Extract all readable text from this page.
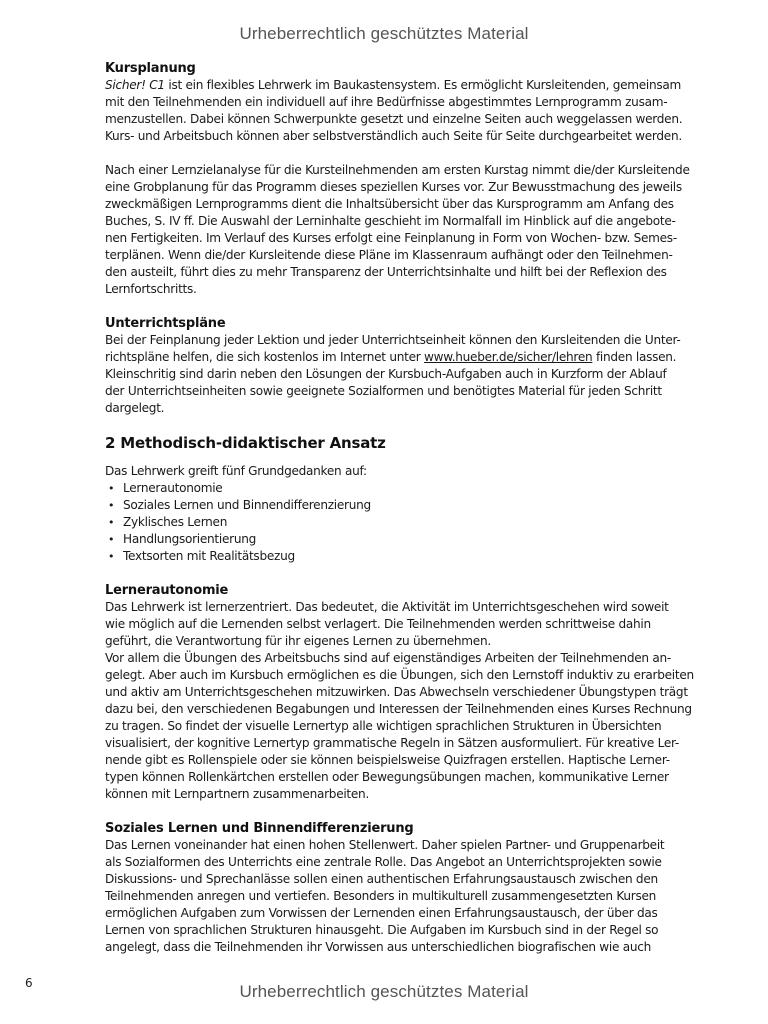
Urheberrechtlich geschütztes Material
Kursplanung

Sicher! C1 ist ein flexibles Lehrwerk im Baukastensystem. Es ermöglicht Kursleitenden, gemeinsam
mit den Teilnehmenden ein individuell auf ihre Bedürfnisse abgestimmtes Lernprogramm zusam-
menzustellen. Dabei können Schwerpunkte gesetzt und einzelne Seiten auch weggelassen werden.
Kurs- und Arbeitsbuch können aber selbstverständlich auch Seite für Seite durchgearbeitet werden.

Nach einer Lernzielanalyse für die Kursteilnehmenden am ersten Kurstag nimmt die/der Kursleitende
eine Grobplanung für das Programm dieses speziellen Kurses vor. Zur Bewusstmachung des jeweils
zweckmäßigen Lernprogramms dient die Inhaltsübersicht über das Kursprogramm am Anfang des
Buches, S. IV ff. Die Auswahl der Lerninhalte geschieht im Normalfall im Hinblick auf die angebote-
nen Fertigkeiten. Im Verlauf des Kurses erfolgt eine Feinplanung in Form von Wochen- bzw. Semes-
terplänen. Wenn die/der Kursleitende diese Pläne im Klassenraum aufhängt oder den Teilnehmen-
den austeilt, führt dies zu mehr Transparenz der Unterrichtsinhalte und hilft bei der Reflexion des
Lernfortschritts.

Unterrichtspläne

Bei der Feinplanung jeder Lektion und jeder Unterrichtseinheit können den Kursleitenden die Unter-
richtspläne helfen, die sich kostenlos im Internet unter www.hueber.de/sicher/lehren finden lassen.
Kleinschritig sind darin neben den Lösungen der Kursbuch-Aufgaben auch in Kurzform der Ablauf
der Unterrichtseinheiten sowie geeignete Sozialformen und benötigtes Material für jeden Schritt
dargelegt.

2 Methodisch-didaktischer Ansatz

Das Lehrwerk greift fünf Grundgedanken auf:

• Lernerautonomie
• Soziales Lernen und Binnendifferenzierung
• Zyklisches Lernen
• Handlungsorientierung
• Textsorten mit Realitätsbezug
Lernerautonomie

Das Lehrwerk ist lernerzentriert. Das bedeutet, die Aktivität im Unterrichtsgeschehen wird soweit
wie möglich auf die Lernenden selbst verlagert. Die Teilnehmenden werden schrittweise dahin
geführt, die Verantwortung für ihr eigenes Lernen zu übernehmen.
Vor allem die Übungen des Arbeitsbuchs sind auf eigenständiges Arbeiten der Teilnehmenden an-
gelegt. Aber auch im Kursbuch ermöglichen es die Übungen, sich den Lernstoff induktiv zu erarbeiten
und aktiv am Unterrichtsgeschehen mitzuwirken. Das Abwechseln verschiedener Übungstypen trägt
dazu bei, den verschiedenen Begabungen und Interessen der Teilnehmenden eines Kurses Rechnung
zu tragen. So findet der visuelle Lernertyp alle wichtigen sprachlichen Strukturen in Übersichten
visualisiert, der kognitive Lernertyp grammatische Regeln in Sätzen ausformuliert. Für kreative Ler-
nende gibt es Rollenspiele oder sie können beispielsweise Quizfragen erstellen. Haptische Lerner-
typen können Rollenkärtchen erstellen oder Bewegungsübungen machen, kommunikative Lerner
können mit Lernpartnern zusammenarbeiten.

Soziales Lernen und Binnendifferenzierung

Das Lernen voneinander hat einen hohen Stellenwert. Daher spielen Partner- und Gruppenarbeit
als Sozialformen des Unterrichts eine zentrale Rolle. Das Angebot an Unterrichtsprojekten sowie
Diskussions- und Sprechanlässe sollen einen authentischen Erfahrungsaustausch zwischen den
Teilnehmenden anregen und vertiefen. Besonders in multikulturell zusammengesetzten Kursen
ermöglichen Aufgaben zum Vorwissen der Lernenden einen Erfahrungsaustausch, der über das
Lernen von sprachlichen Strukturen hinausgeht. Die Aufgaben im Kursbuch sind in der Regel so
angelegt, dass die Teilnehmenden ihr Vorwissen aus unterschiedlichen biografischen wie auch

6	Urheberrechtlich geschütztes Material
